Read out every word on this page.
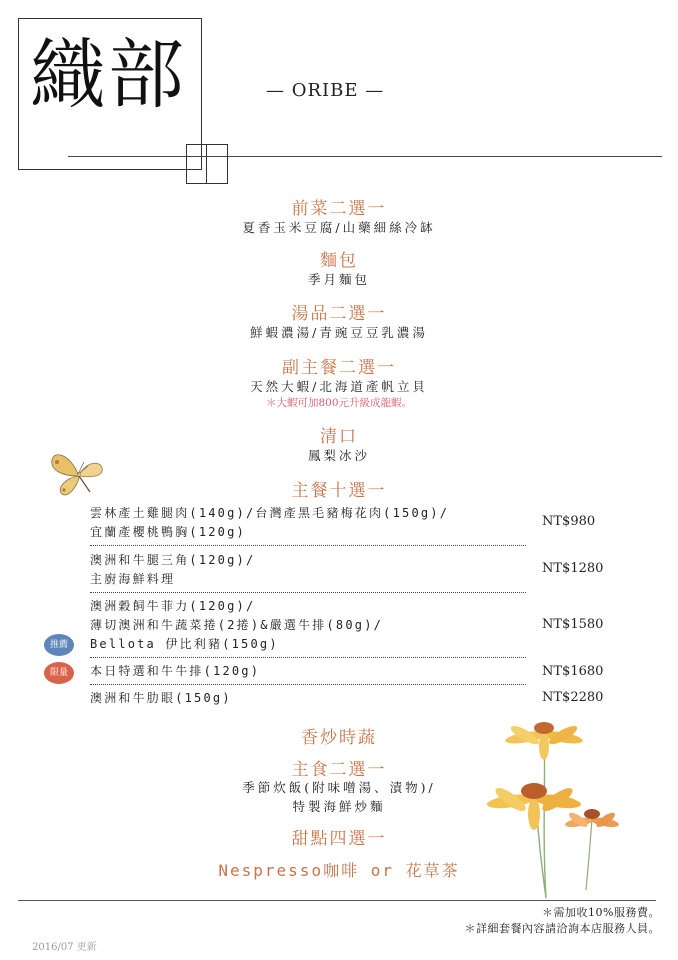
織部	— ORIBE —
前菜二選一
夏香玉米豆腐/山藥細絲冷缽
麵包
季月麵包
湯品二選一
鮮蝦濃湯/青豌豆豆乳濃湯
副主餐二選一
天然大蝦/北海道產帆立貝
＊大蝦可加800元升級成龍蝦。
清口
鳳梨冰沙
主餐十選一
雲林產土雞腿肉(140g)/台灣產黑毛豬梅花肉(150g)/
宜蘭產櫻桃鴨胸(120g)
NT$980
澳洲和牛腿三角(120g)/
主廚海鮮料理
NT$1280
澳洲穀飼牛菲力(120g)/
薄切澳洲和牛蔬菜捲(2捲)&嚴選牛排(80g)/
Bellota 伊比利豬(150g)
NT$1580
推薦
本日特選和牛牛排(120g)	NT$1680
限量
澳洲和牛肋眼(150g)	NT$2280
香炒時蔬
主食二選一
季節炊飯(附味噌湯、漬物)/
特製海鮮炒麵
甜點四選一
Nespresso咖啡 or 花草茶
＊需加收10%服務費。
＊詳細套餐內容請洽詢本店服務人員。
2016/07 更新
